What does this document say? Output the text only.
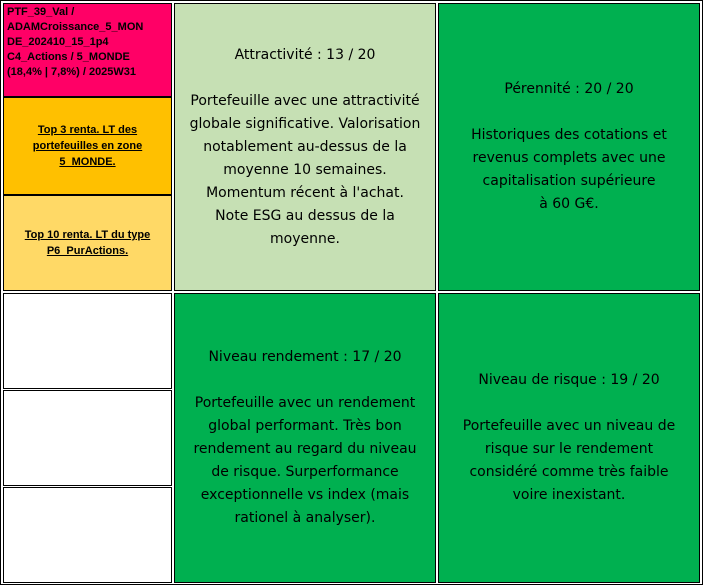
PTF_39_Val /
ADAMCroissance_5_MON
DE_202410_15_1p4
C4_Actions / 5_MONDE
(18,4% | 7,8%) / 2025W31
Top 3 renta. LT des
portefeuilles en zone
5_MONDE.
Top 10 renta. LT du type
P6_PurActions.
Attractivité : 13 / 20
Portefeuille avec une attractivité
globale significative. Valorisation
notablement au-dessus de la
moyenne 10 semaines.
Momentum récent à l'achat.
Note ESG au dessus de la
moyenne.
Pérennité : 20 / 20
Historiques des cotations et
revenus complets avec une
capitalisation supérieure
à 60 G€.
Niveau rendement : 17 / 20
Portefeuille avec un rendement
global performant. Très bon
rendement au regard du niveau
de risque. Surperformance
exceptionnelle vs index (mais
rationel à analyser).
Niveau de risque : 19 / 20
Portefeuille avec un niveau de
risque sur le rendement
considéré comme très faible
voire inexistant.
